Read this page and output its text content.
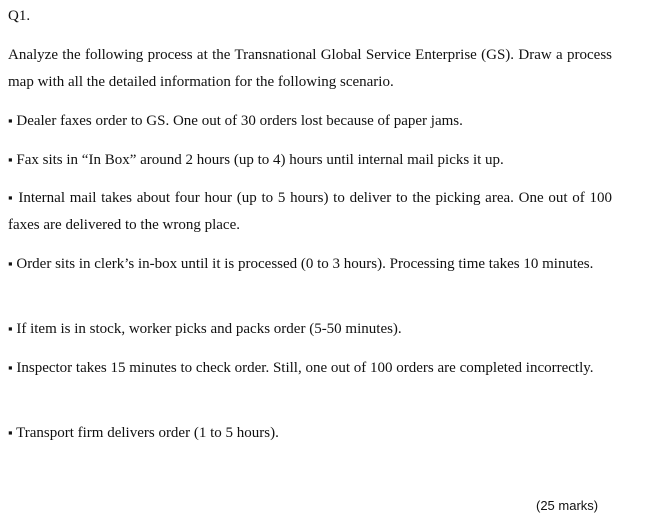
Q1.
Analyze the following process at the Transnational Global Service Enterprise (GS). Draw a process map with all the detailed information for the following scenario.
▪ Dealer faxes order to GS. One out of 30 orders lost because of paper jams.
▪ Fax sits in “In Box” around 2 hours (up to 4) hours until internal mail picks it up.
▪ Internal mail takes about four hour (up to 5 hours) to deliver to the picking area. One out of 100 faxes are delivered to the wrong place.
▪ Order sits in clerk’s in-box until it is processed (0 to 3 hours). Processing time takes 10 minutes.
▪ If item is in stock, worker picks and packs order (5-50 minutes).
▪ Inspector takes 15 minutes to check order. Still, one out of 100 orders are completed incorrectly.
▪ Transport firm delivers order (1 to 5 hours).
(25 marks)
